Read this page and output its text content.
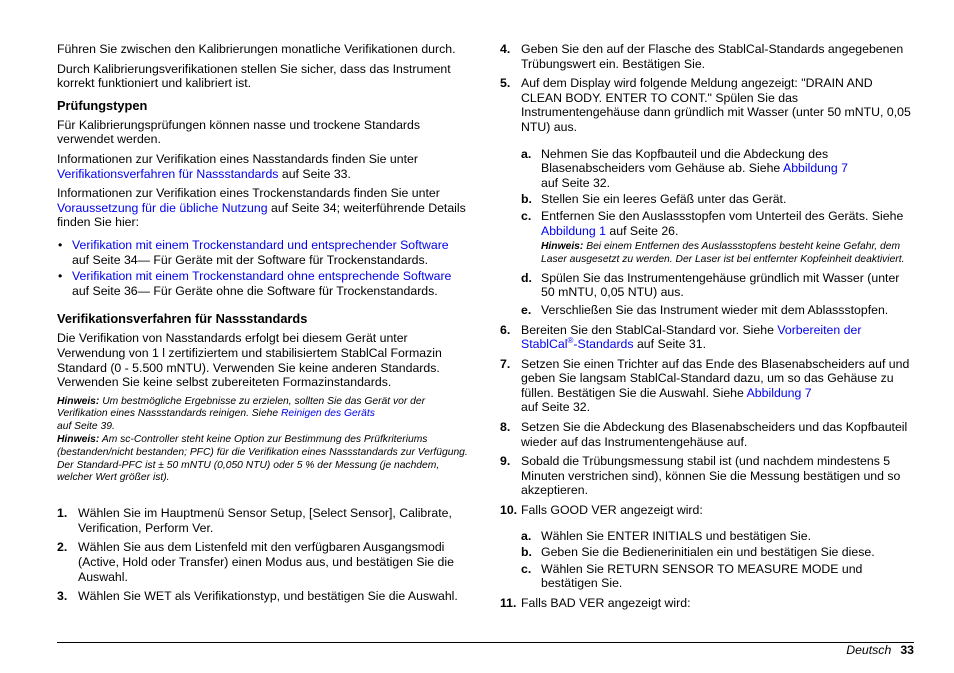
Führen Sie zwischen den Kalibrierungen monatliche Verifikationen durch.

Durch Kalibrierungsverifikationen stellen Sie sicher, dass das Instrument korrekt funktioniert und kalibriert ist.

Prüfungstypen

Für Kalibrierungsprüfungen können nasse und trockene Standards verwendet werden.

Informationen zur Verifikation eines Nasstandards finden Sie unter
Verifikationsverfahren für Nassstandards auf Seite 33.

Informationen zur Verifikation eines Trockenstandards finden Sie unter
Voraussetzung für die übliche Nutzung auf Seite 34; weiterführende Details finden Sie hier:

• Verifikation mit einem Trockenstandard und entsprechender Software
auf Seite 34— Für Geräte mit der Software für Trockenstandards.
• Verifikation mit einem Trockenstandard ohne entsprechende Software
auf Seite 36— Für Geräte ohne die Software für Trockenstandards.
Verifikationsverfahren für Nassstandards

Die Verifikation von Nasstandards erfolgt bei diesem Gerät unter Verwendung von 1 l zertifiziertem und stabilisiertem StablCal Formazin Standard (0 - 5.500 mNTU). Verwenden Sie keine anderen Standards. Verwenden Sie keine selbst zubereiteten Formazinstandards.

Hinweis: Um bestmögliche Ergebnisse zu erzielen, sollten Sie das Gerät vor der Verifikation eines Nassstandards reinigen. Siehe Reinigen des Geräts
auf Seite 39.

Hinweis: Am sc-Controller steht keine Option zur Bestimmung des Prüfkriteriums (bestanden/nicht bestanden; PFC) für die Verifikation eines Nassstandards zur Verfügung. Der Standard-PFC ist ± 50 mNTU (0,050 NTU) oder 5 % der Messung (je nachdem, welcher Wert größer ist).

1. Wählen Sie im Hauptmenü Sensor Setup, [Select Sensor], Calibrate, Verification, Perform Ver.
2. Wählen Sie aus dem Listenfeld mit den verfügbaren Ausgangsmodi (Active, Hold oder Transfer) einen Modus aus, und bestätigen Sie die Auswahl.
3. Wählen Sie WET als Verifikationstyp, und bestätigen Sie die Auswahl.
4. Geben Sie den auf der Flasche des StablCal-Standards angegebenen Trübungswert ein. Bestätigen Sie.
5. Auf dem Display wird folgende Meldung angezeigt: "DRAIN AND CLEAN BODY. ENTER TO CONT." Spülen Sie das Instrumentengehäuse dann gründlich mit Wasser (unter 50 mNTU, 0,05 NTU) aus.
a. Nehmen Sie das Kopfbauteil und die Abdeckung des Blasenabscheiders vom Gehäuse ab. Siehe Abbildung 7
auf Seite 32.
b. Stellen Sie ein leeres Gefäß unter das Gerät.
c. Entfernen Sie den Auslassstopfen vom Unterteil des Geräts. Siehe Abbildung 1 auf Seite 26.

Hinweis: Bei einem Entfernen des Auslassstopfens besteht keine Gefahr, dem Laser ausgesetzt zu werden. Der Laser ist bei entfernter Kopfeinheit deaktiviert.

d. Spülen Sie das Instrumentengehäuse gründlich mit Wasser (unter 50 mNTU, 0,05 NTU) aus.
e. Verschließen Sie das Instrument wieder mit dem Ablassstopfen.
6. Bereiten Sie den StablCal-Standard vor. Siehe Vorbereiten der StablCal®-Standards auf Seite 31.
7. Setzen Sie einen Trichter auf das Ende des Blasenabscheiders auf und geben Sie langsam StablCal-Standard dazu, um so das Gehäuse zu füllen. Bestätigen Sie die Auswahl. Siehe Abbildung 7
auf Seite 32.
8. Setzen Sie die Abdeckung des Blasenabscheiders und das Kopfbauteil wieder auf das Instrumentengehäuse auf.
9. Sobald die Trübungsmessung stabil ist (und nachdem mindestens 5 Minuten verstrichen sind), können Sie die Messung bestätigen und so akzeptieren.
10. Falls GOOD VER angezeigt wird:
a. Wählen Sie ENTER INITIALS und bestätigen Sie.
b. Geben Sie die Bedienerinitialen ein und bestätigen Sie diese.
c. Wählen Sie RETURN SENSOR TO MEASURE MODE und bestätigen Sie.
11. Falls BAD VER angezeigt wird:
Deutsch 33
